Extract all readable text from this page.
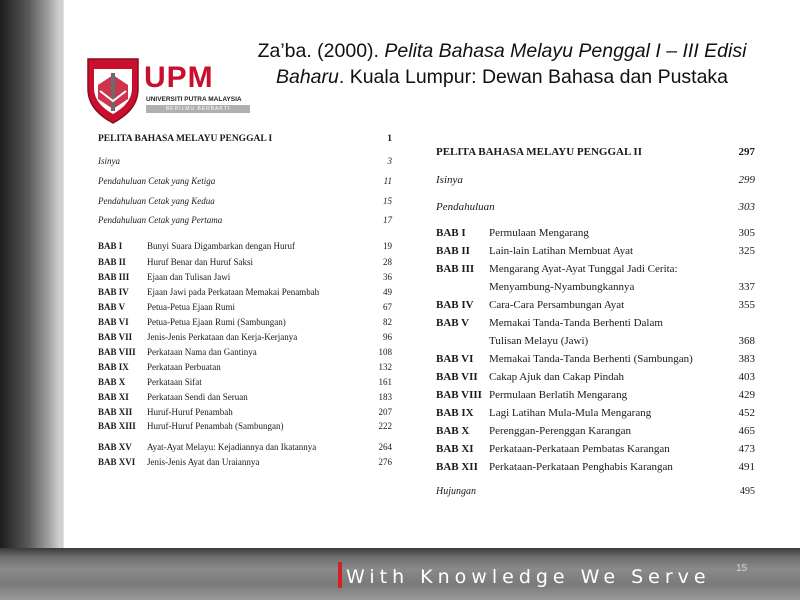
UPM
UNIVERSITI PUTRA MALAYSIA
BERILMU BERBAKTI
Za’ba. (2000). Pelita Bahasa Melayu Penggal I – III Edisi Baharu. Kuala Lumpur: Dewan Bahasa dan Pustaka
PELITA BAHASA MELAYU PENGGAL I	1
Isinya	3
Pendahuluan Cetak yang Ketiga	11
Pendahuluan Cetak yang Kedua	15
Pendahuluan Cetak yang Pertama	17
BAB I	Bunyi Suara Digambarkan dengan Huruf	19
BAB II	Huruf Benar dan Huruf Saksi	28
BAB III	Ejaan dan Tulisan Jawi	36
BAB IV	Ejaan Jawi pada Perkataan Memakai Penambah	49
BAB V	Petua-Petua Ejaan Rumi	67
BAB VI	Petua-Petua Ejaan Rumi (Sambungan)	82
BAB VII	Jenis-Jenis Perkataan dan Kerja-Kerjanya	96
BAB VIII	Perkataan Nama dan Gantinya	108
BAB IX	Perkataan Perbuatan	132
BAB X	Perkataan Sifat	161
BAB XI	Perkataan Sendi dan Seruan	183
BAB XII	Huruf-Huruf Penambah	207
BAB XIII	Huruf-Huruf Penambah (Sambungan)	222
BAB XV	Ayat-Ayat Melayu: Kejadiannya dan Ikatannya	264
BAB XVI	Jenis-Jenis Ayat dan Uraiannya	276
PELITA BAHASA MELAYU PENGGAL II	297
Isinya	299
Pendahuluan	303
BAB I	Permulaan Mengarang	305
BAB II	Lain-lain Latihan Membuat Ayat	325
BAB III	Mengarang Ayat-Ayat Tunggal Jadi Cerita: Menyambung-Nyambungkannya	337
BAB IV	Cara-Cara Persambungan Ayat	355
BAB V	Memakai Tanda-Tanda Berhenti Dalam Tulisan Melayu (Jawi)	368
BAB VI	Memakai Tanda-Tanda Berhenti (Sambungan)	383
BAB VII	Cakap Ajuk dan Cakap Pindah	403
BAB VIII Permulaan Berlatih Mengarang	429
BAB IX	Lagi Latihan Mula-Mula Mengarang	452
BAB X	Perenggan-Perenggan Karangan	465
BAB XI	Perkataan-Perkataan Pembatas Karangan	473
BAB XII	Perkataan-Perkataan Penghabis Karangan	491
Hujungan	495
With Knowledge We Serve	15
